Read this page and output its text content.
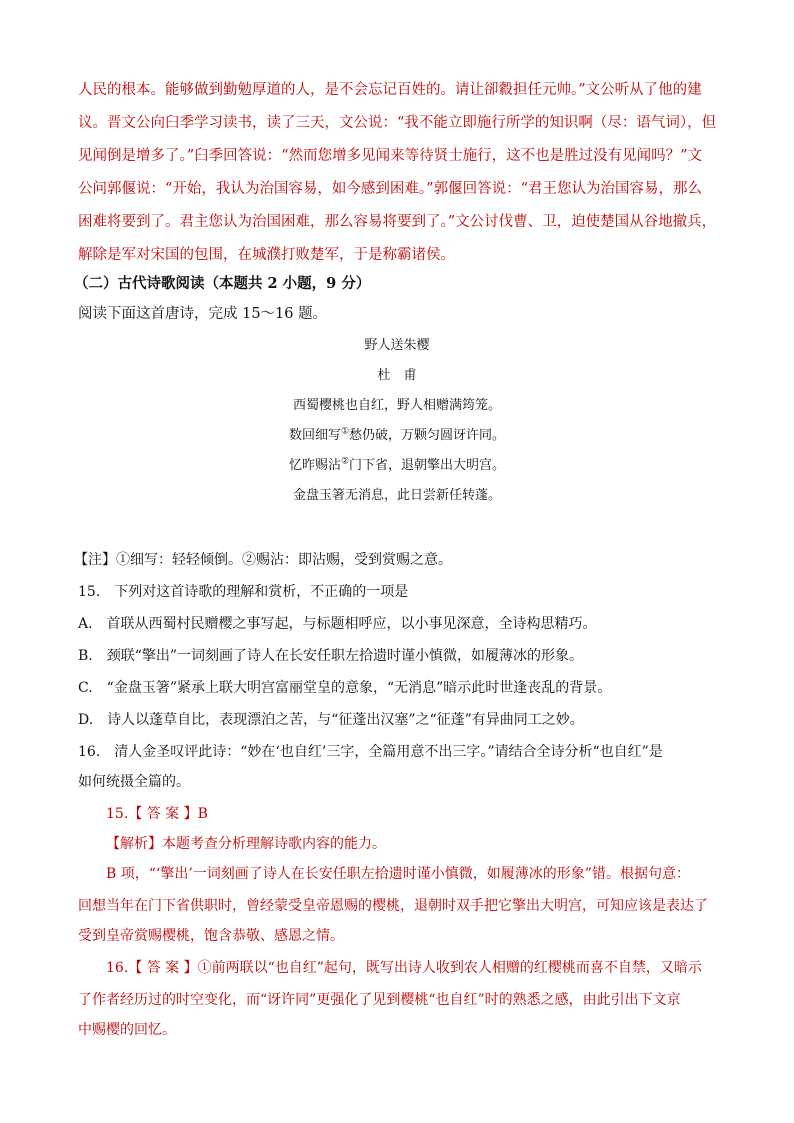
人民的根本。能够做到勤勉厚道的人，是不会忘记百姓的。请让卻縠担任元帅。”文公听从了他的建
议。晋文公向臼季学习读书，读了三天，文公说：“我不能立即施行所学的知识啊（尽：语气词），但
见闻倒是增多了。”臼季回答说：“然而您增多见闻来等待贤士施行，这不也是胜过没有见闻吗？”文
公问郭偃说：“开始，我认为治国容易，如今感到困难。”郭偃回答说：“君王您认为治国容易，那么
困难将要到了。君主您认为治国困难，那么容易将要到了。”文公讨伐曹、卫，迫使楚国从谷地撤兵，
解除是军对宋国的包围，在城濮打败楚军，于是称霸诸侯。
（二）古代诗歌阅读（本题共 2 小题，9 分）
阅读下面这首唐诗，完成 15～16 题。
野人送朱樱
杜　甫
西蜀樱桃也自红，野人相赠满筠笼。
数回细写①愁仍破，万颗匀圆讶许同。
忆昨赐沾②门下省，退朝擎出大明宫。
金盘玉箸无消息，此日尝新任转蓬。
【注】①细写：轻轻倾倒。②赐沾：即沾赐，受到赏赐之意。
15.　下列对这首诗歌的理解和赏析，不正确的一项是
A.　首联从西蜀村民赠樱之事写起，与标题相呼应，以小事见深意，全诗构思精巧。
B.　颈联“擎出”一词刻画了诗人在长安任职左拾遗时谨小慎微，如履薄冰的形象。
C.　“金盘玉箸”紧承上联大明宫富丽堂皇的意象，“无消息”暗示此时世逢丧乱的背景。
D.　诗人以蓬草自比，表现漂泊之苦，与“征蓬出汉塞”之“征蓬”有异曲同工之妙。
16.　清人金圣叹评此诗：“妙在‘也自红’三字，全篇用意不出三字。”请结合全诗分析“也自红”是
如何统摄全篇的。
15.【 答 案 】B
【解析】本题考查分析理解诗歌内容的能力。
B 项，“‘擎出’一词刻画了诗人在长安任职左拾遗时谨小慎微，如履薄冰的形象”错。根据句意：
回想当年在门下省供职时，曾经蒙受皇帝恩赐的樱桃，退朝时双手把它擎出大明宫，可知应该是表达了
受到皇帝赏赐樱桃，饱含恭敬、感恩之情。
16.【 答 案 】①前两联以“也自红”起句，既写出诗人收到农人相赠的红樱桃而喜不自禁，又暗示
了作者经历过的时空变化，而“讶许同”更强化了见到樱桃“也自红”时的熟悉之感，由此引出下文京
中赐樱的回忆。
